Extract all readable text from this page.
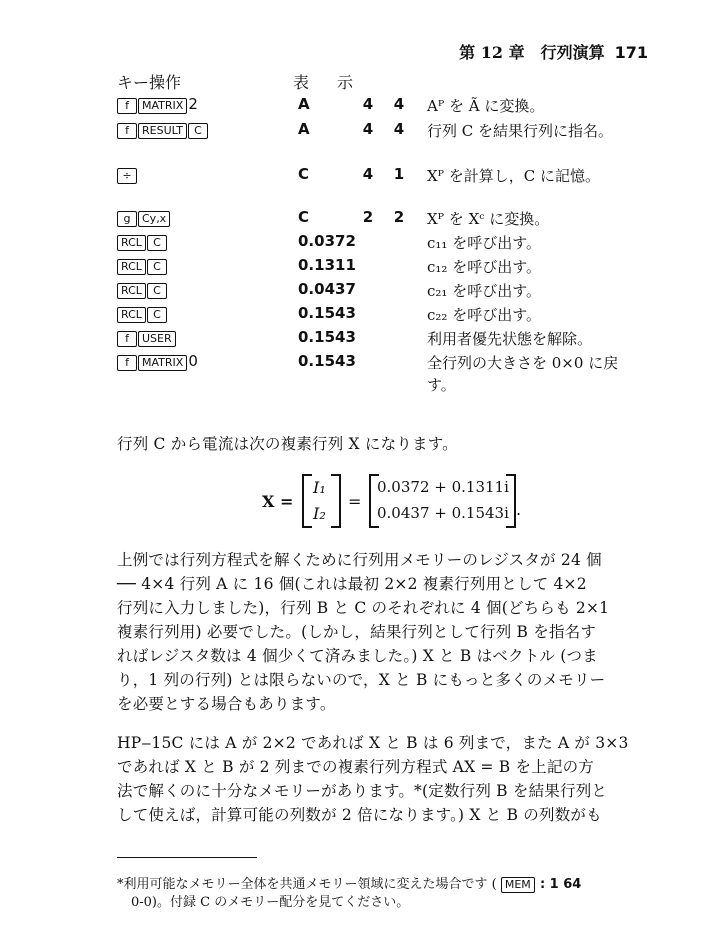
第 12 章　行列演算 171
キー操作	表　示
f MATRIX 2	A	4	4	Aᴾ を Ã に変換。
f RESULT C	A	4	4	行列 C を結果行列に指名。
÷	C	4	1	Xᴾ を計算し，C に記憶。
g Cy,x	C	2	2	Xᴾ を Xᶜ に変換。
RCL C	0.0372	c₁₁ を呼び出す。
RCL C	0.1311	c₁₂ を呼び出す。
RCL C	0.0437	c₂₁ を呼び出す。
RCL C	0.1543	c₂₂ を呼び出す。
f USER	0.1543	利用者優先状態を解除。
f MATRIX 0	0.1543	全行列の大きさを 0×0 に戻
す。
行列 C から電流は次の複素行列 X になります。
X =
I₁
I₂
=
0.0372 + 0.1311i
0.0437 + 0.1543i .
上例では行列方程式を解くために行列用メモリーのレジスタが 24 個
── 4×4 行列 A に 16 個(これは最初 2×2 複素行列用として 4×2
行列に入力しました)，行列 B と C のそれぞれに 4 個(どちらも 2×1
複素行列用) 必要でした。(しかし，結果行列として行列 B を指名す
ればレジスタ数は 4 個少くて済みました。) X と B はベクトル (つま
り，1 列の行列) とは限らないので，X と B にもっと多くのメモリー
を必要とする場合もあります。
HP‒15C には A が 2×2 であれば X と B は 6 列まで，また A が 3×3
であれば X と B が 2 列までの複素行列方程式 AX = B を上記の方
法で解くのに十分なメモリーがあります。*(定数行列 B を結果行列と
して使えば，計算可能の列数が 2 倍になります。) X と B の列数がも
*利用可能なメモリー全体を共通メモリー領域に変えた場合です ( MEM : 1 64
0-0)。付録 C のメモリー配分を見てください。
